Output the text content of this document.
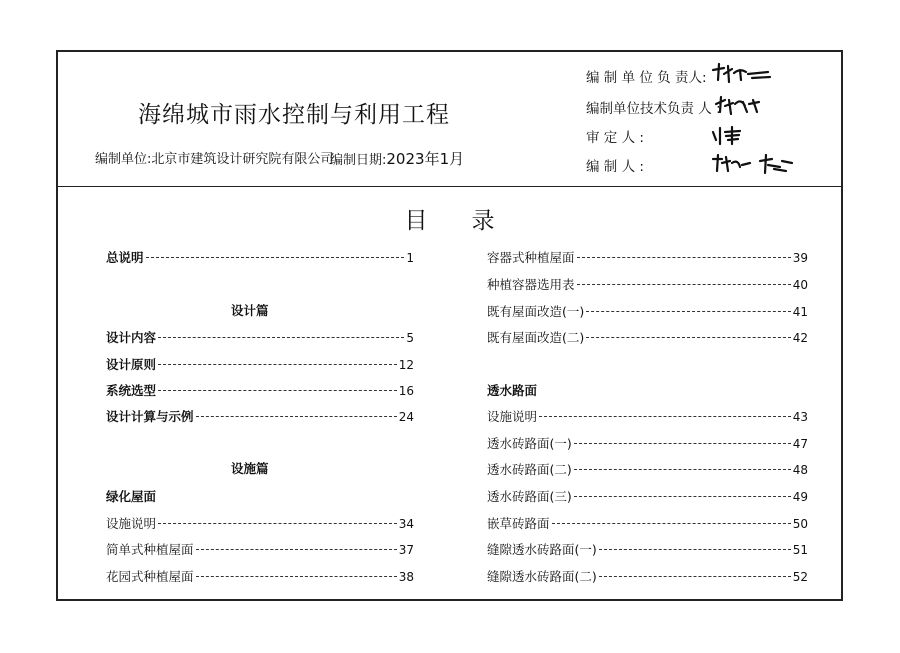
海绵城市雨水控制与利用工程
编制单位:北京市建筑设计研究院有限公司
编制日期:2023年1月
编 制 单 位 负 责人:
编制单位技术负责 人 :
审 定 人 :
编 制 人 :
目录
总说明	1
设计篇
设计内容	5
设计原则	12
系统选型	16
设计计算与示例	24
设施篇
绿化屋面
设施说明	34
简单式种植屋面	37
花园式种植屋面	38
容器式种植屋面	39
种植容器选用表	40
既有屋面改造(一)	41
既有屋面改造(二)	42
透水路面
设施说明	43
透水砖路面(一)	47
透水砖路面(二)	48
透水砖路面(三)	49
嵌草砖路面	50
缝隙透水砖路面(一)	51
缝隙透水砖路面(二)	52
